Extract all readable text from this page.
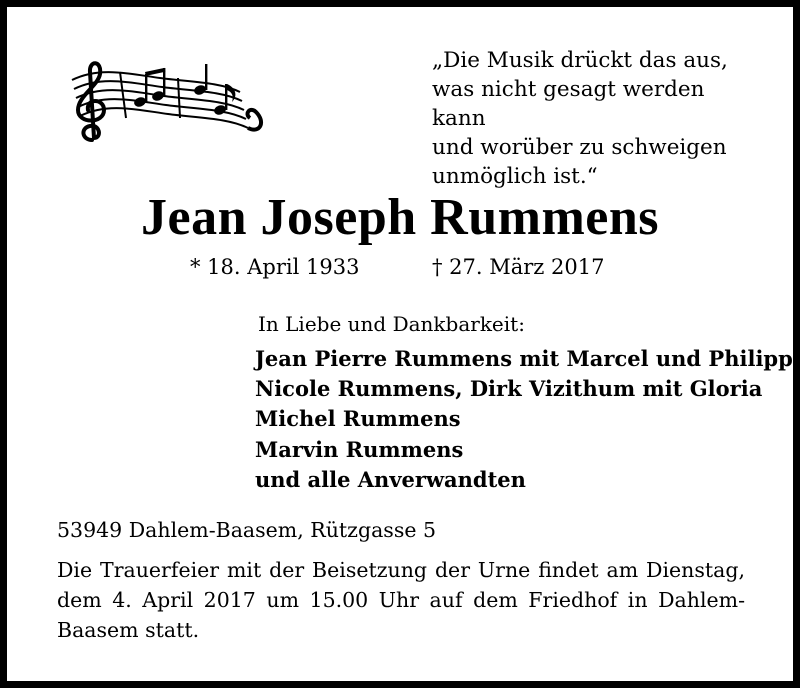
„Die Musik drückt das aus,
was nicht gesagt werden kann
und worüber zu schweigen
unmöglich ist.“
Jean Joseph Rummens
* 18. April 1933	† 27. März 2017
In Liebe und Dankbarkeit:
Jean Pierre Rummens mit Marcel und Philipp
Nicole Rummens, Dirk Vizithum mit Gloria
Michel Rummens
Marvin Rummens
und alle Anverwandten
53949 Dahlem-Baasem, Rützgasse 5
Die Trauerfeier mit der Beisetzung der Urne findet am Dienstag, dem 4. April 2017 um 15.00 Uhr auf dem Friedhof in Dahlem-Baasem statt.
